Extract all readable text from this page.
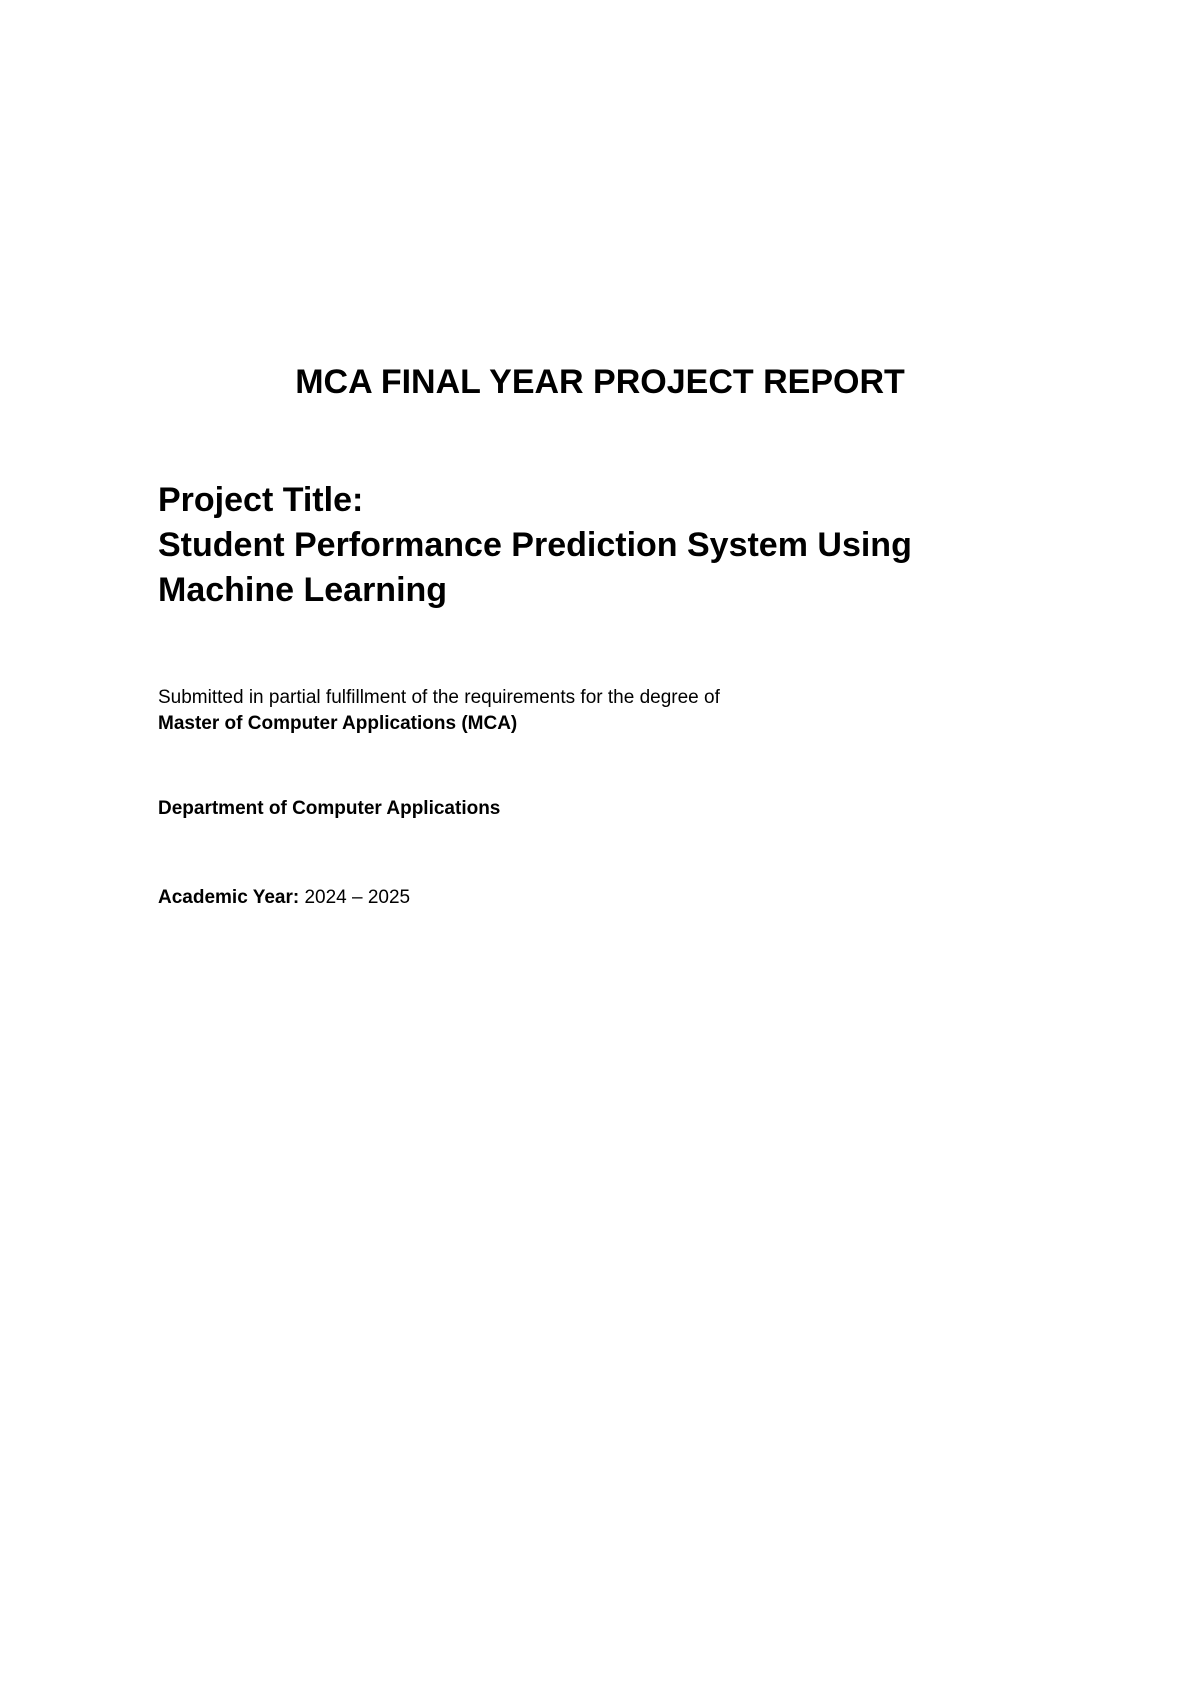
MCA FINAL YEAR PROJECT REPORT
Project Title:
Student Performance Prediction System Using
Machine Learning
Submitted in partial fulfillment of the requirements for the degree of
Master of Computer Applications (MCA)
Department of Computer Applications
Academic Year: 2024 – 2025
